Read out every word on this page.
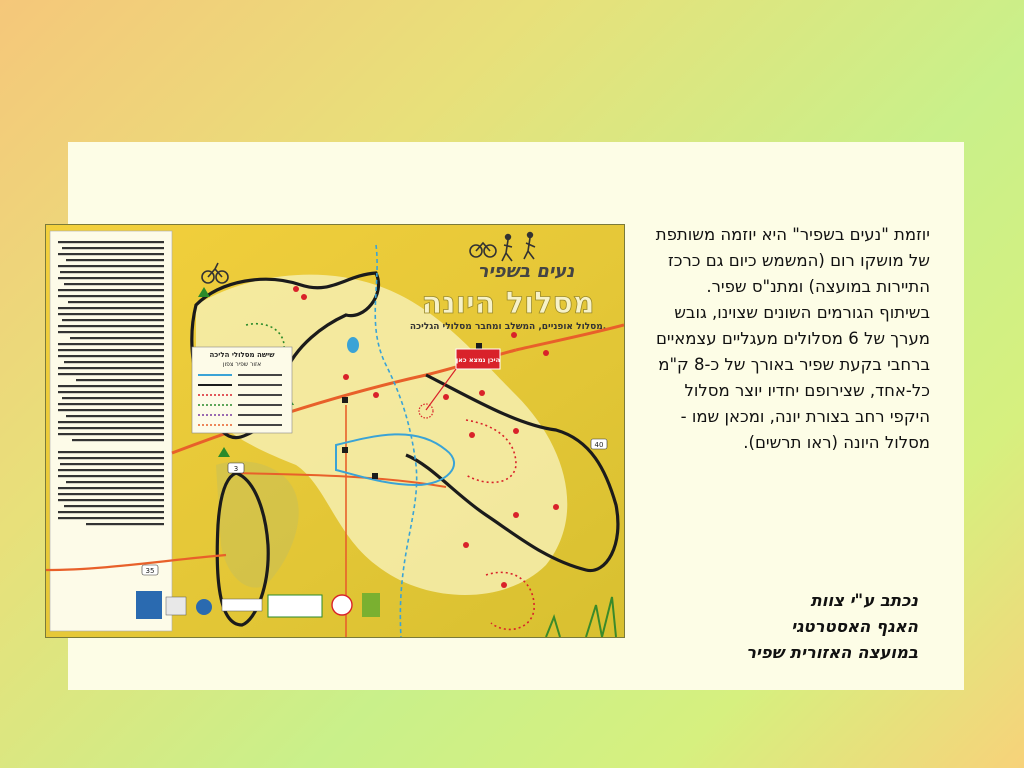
נעים בשפיר
מסלול היונה
מסלול אופניים, המשלב ומחבר מסלולי הגליכה.
שישה מסלולי הליכה
אזור שפיר צפון
היכן נמצא כאן
3
40
35
יוזמת "נעים בשפיר" היא יוזמה משותפת של מושקו רום (המשמש כיום גם כרכז התיירות במועצה) ומתנ"ס שפיר. בשיתוף הגורמים השונים שצוינו, גובש מערך של 6 מסלולים מעגליים עצמאיים ברחבי בקעת שפיר באורך של כ-8 ק"מ כל-אחד, שצירופם יחדיו יוצר מסלול היקפי רחב בצורת יונה, ומכאן שמו - מסלול היונה (ראו תרשים).
נכתב ע"י צוות
האגף האסטרטגי
במועצה האזורית שפיר
